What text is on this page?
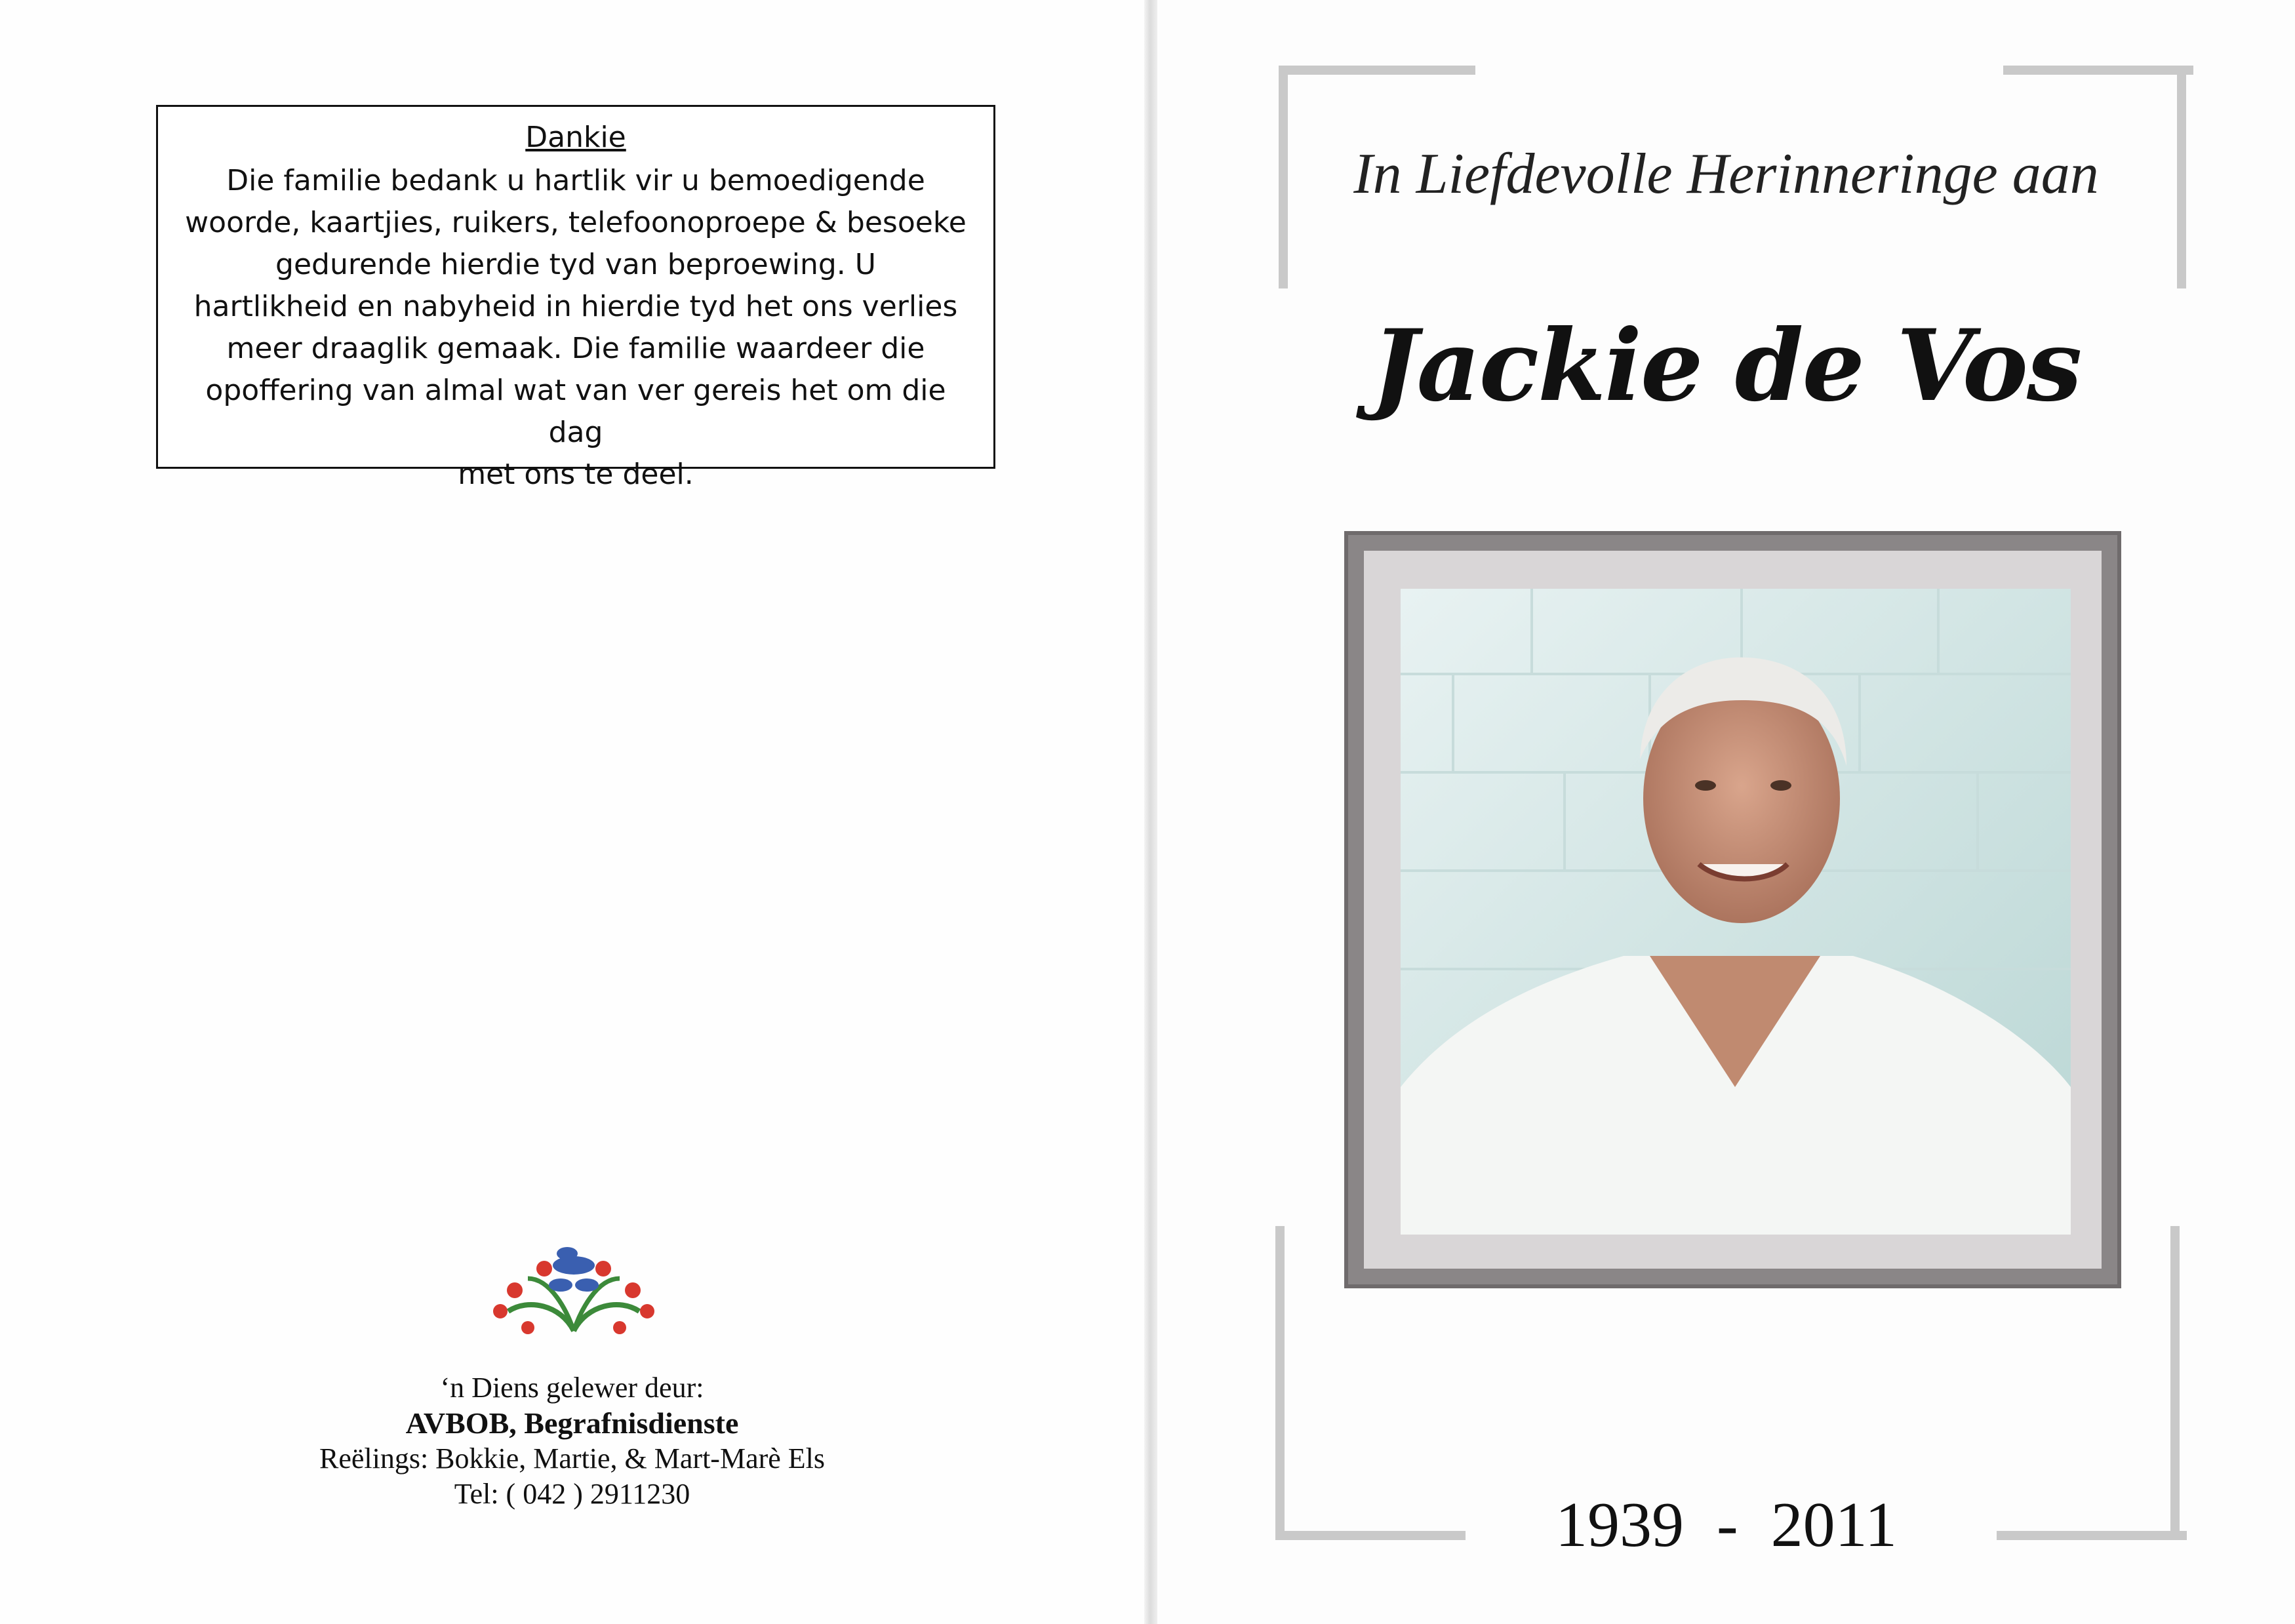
Dankie
Die familie bedank u hartlik vir u bemoedigende
woorde, kaartjies, ruikers, telefoonoproepe & besoeke
gedurende hierdie tyd van beproewing. U
hartlikheid en nabyheid in hierdie tyd het ons verlies
meer draaglik gemaak. Die familie waardeer die
opoffering van almal wat van ver gereis het om die dag
met ons te deel.
‘n Diens gelewer deur:
AVBOB, Begrafnisdienste
Reëlings: Bokkie, Martie, & Mart-Marè Els
Tel: ( 042 ) 2911230
In Liefdevolle Herinneringe aan
Jackie de Vos
1939 - 2011
